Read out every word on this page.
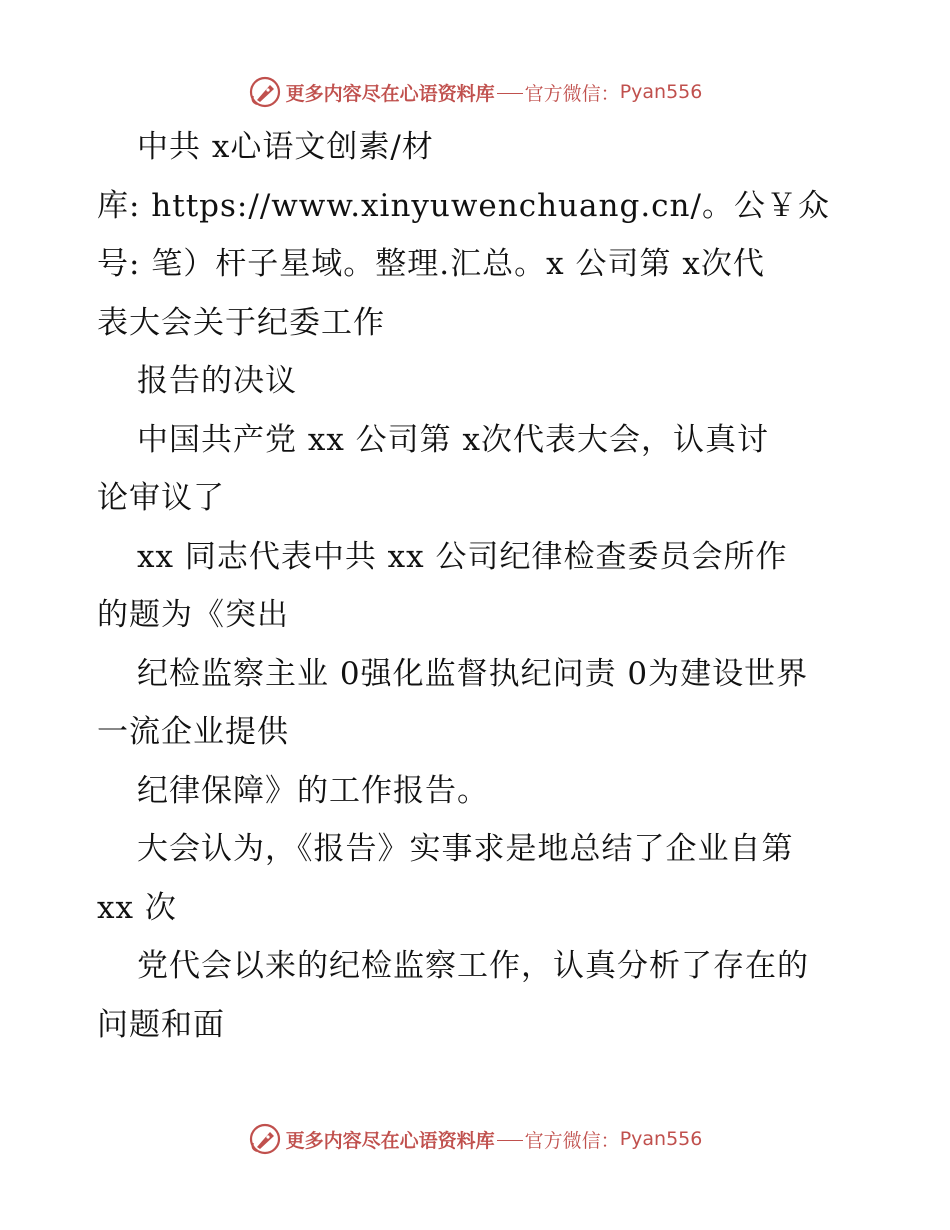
更多内容尽在心语资料库 官方微信： Pyan556
中共 x心语文创素/材
库: https://www.xinyuwenchuang.cn/。公￥众
号: 笔）杆子星域。整理.汇总。x 公司第 x次代
表大会关于纪委工作
报告的决议
中国共产党 xx 公司第 x次代表大会，认真讨
论审议了
xx 同志代表中共 xx 公司纪律检查委员会所作
的题为《突出
纪检监察主业 0强化监督执纪问责 0为建设世界
一流企业提供
纪律保障》的工作报告。
大会认为，《报告》实事求是地总结了企业自第
xx 次
党代会以来的纪检监察工作，认真分析了存在的
问题和面
更多内容尽在心语资料库 官方微信： Pyan556
